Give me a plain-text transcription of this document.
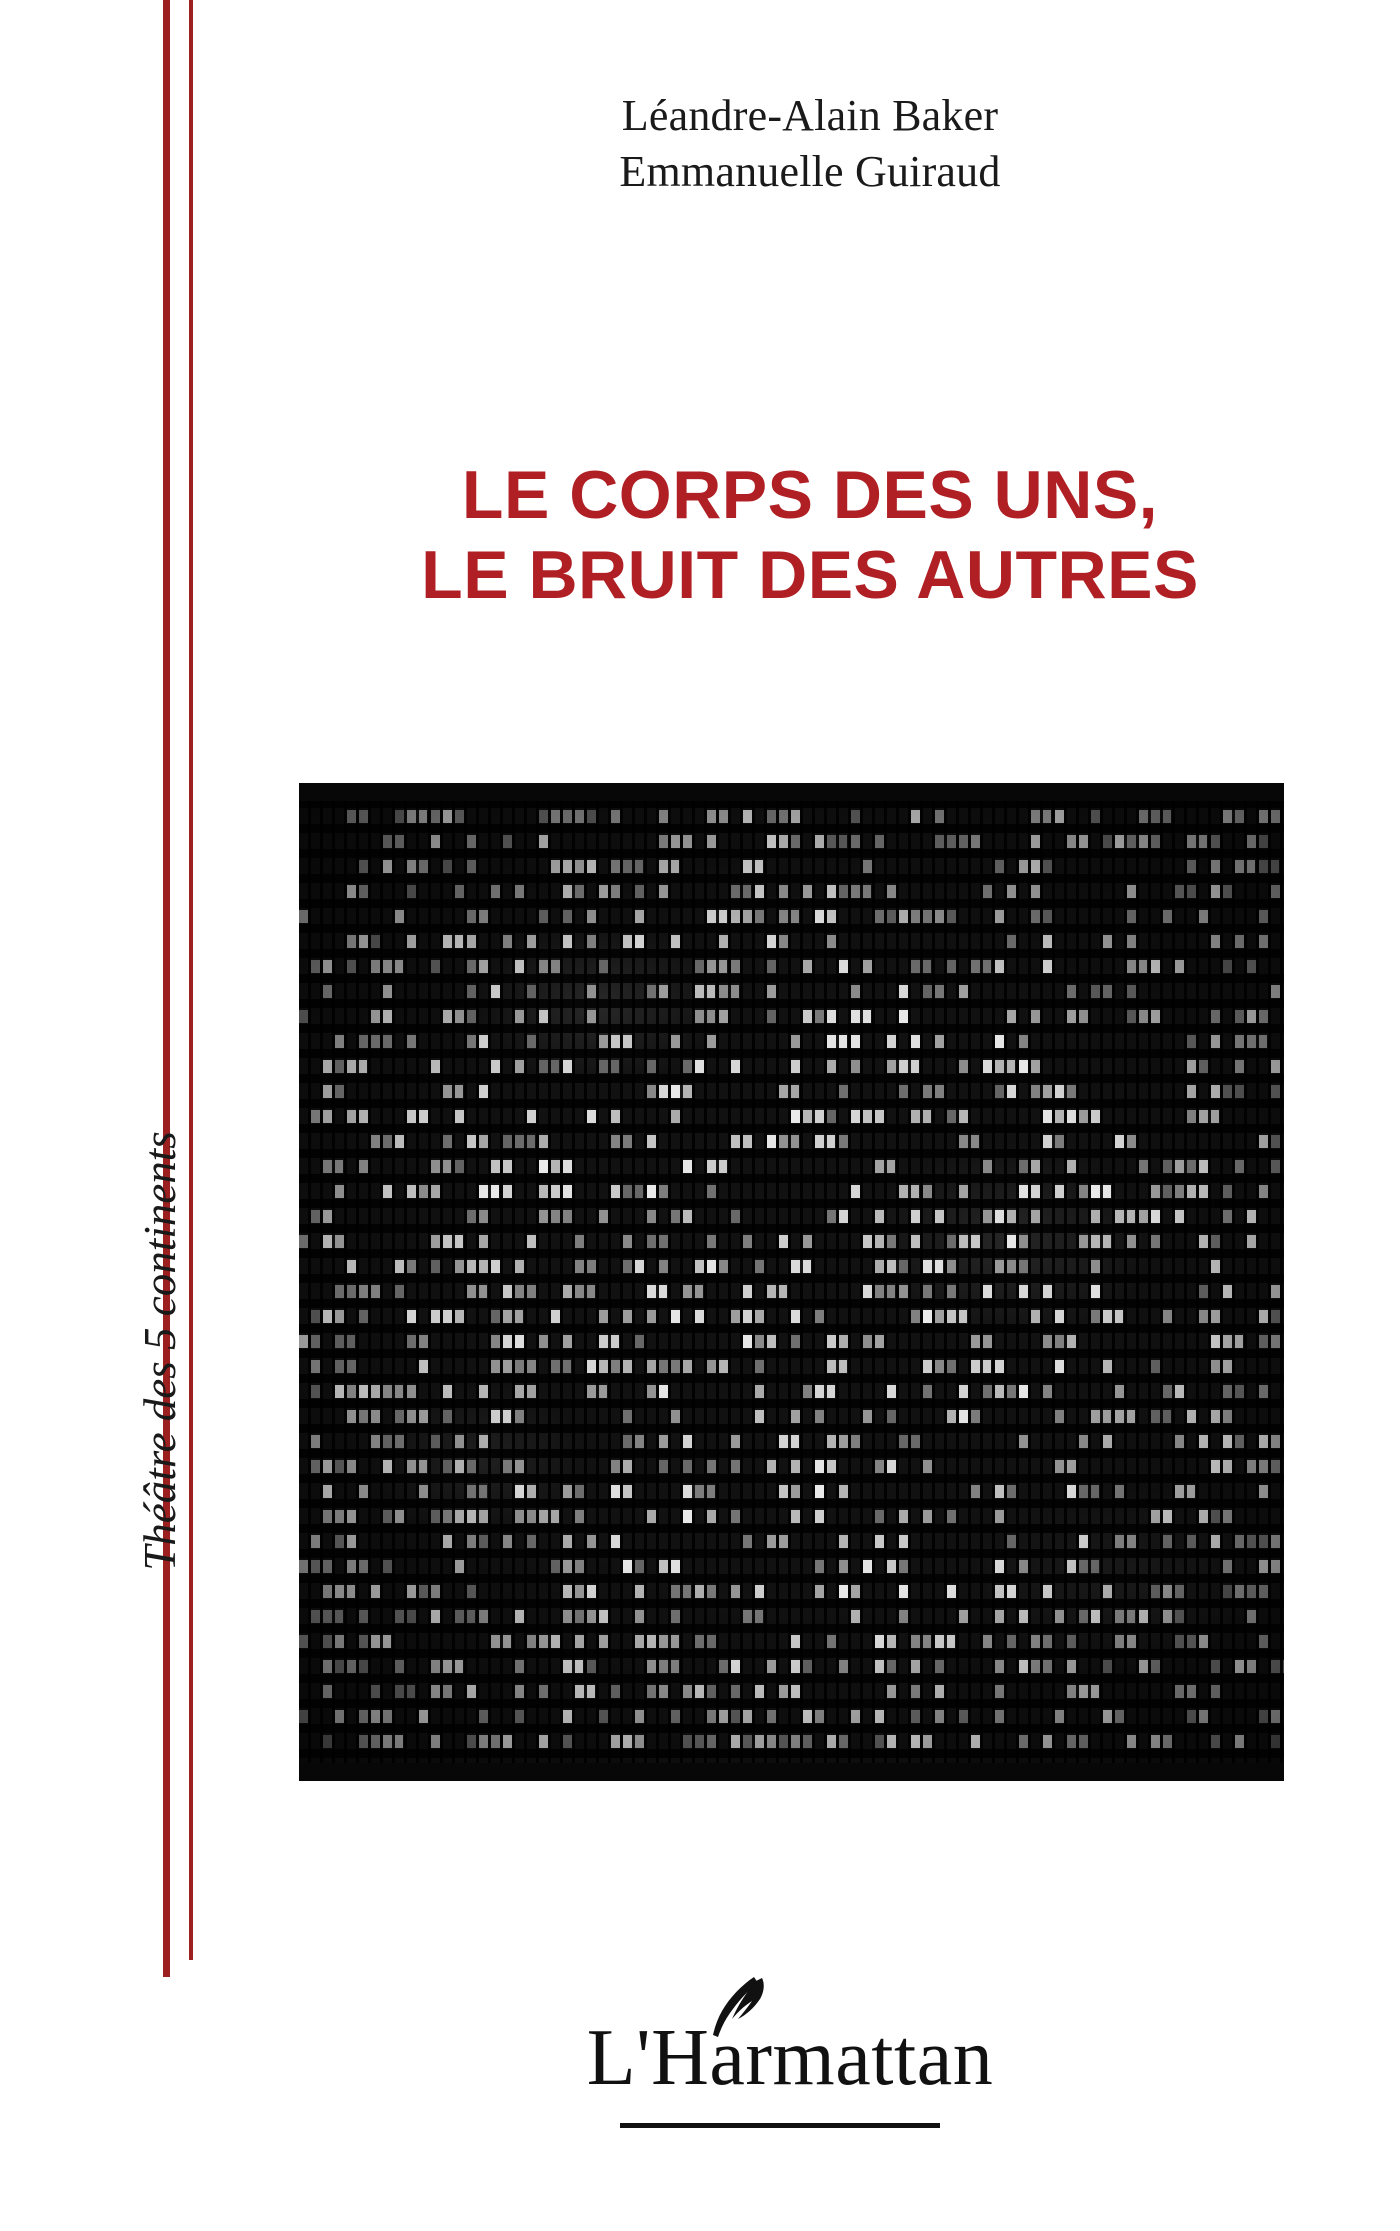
Léandre-Alain Baker
Emmanuelle Guiraud
LE CORPS DES UNS,
LE BRUIT DES AUTRES
Théâtre des 5 continents
L'Harmattan
